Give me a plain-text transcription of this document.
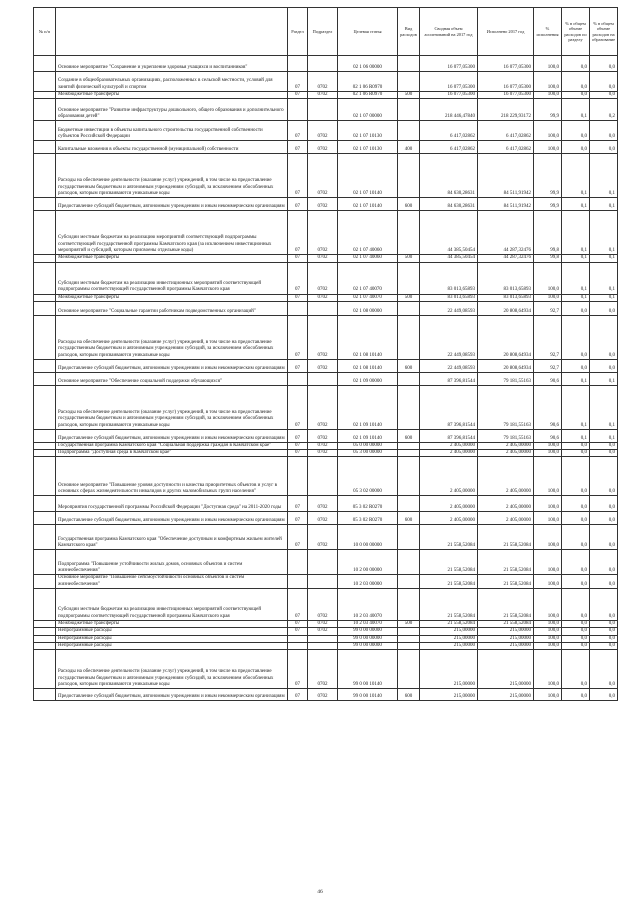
№ п/п		Раздел	Подраздел	Целевая статья	Вид расходов	Сводная объем ассигнований на 2017 год	Исполнено 2017 год	% исполнения	% в общем объеме расходов по разделу	% в общем объеме расходов на образование
	Основное мероприятие "Сохранение и укрепление здоровья учащихся и воспитанников"			02 1 06 00000		16 077,05300	16 077,05300	100,0	0,0	0,0
	Создание в общеобразовательных организациях, расположенных в сельской местности, условий для занятий физической культурой и спортом	07	0702	02 1 06 R0970		16 077,05300	16 077,05300	100,0	0,0	0,0
	Межбюджетные трансферты	07	0702	02 1 06 R0970	500	16 077,05300	16 077,05300	100,0	0,0	0,0
	Основное мероприятие "Развитие инфраструктуры дошкольного, общего образования и дополнительного образования детей"			02 1 07 00000		218 446,47840	218 229,93172	99,9	0,1	0,2
	Бюджетные инвестиции в объекты капитального строительства государственной собственности субъектов Российской Федерации	07	0702	02 1 07 10130		6 417,02862	6 417,02862	100,0	0,0	0,0
	Капитальные вложения в объекты государственной (муниципальной) собственности	07	0702	02 1 07 10130	400	6 417,02862	6 417,02862	100,0	0,0	0,0
	Расходы на обеспечение деятельности (оказание услуг) учреждений, в том числе на предоставление государственным бюджетным и автономным учреждениям субсидий, за исключением обособленных расходов, которым присваиваются уникальные коды	07	0702	02 1 07 10140		84 630,28631	84 511,91942	99,9	0,1	0,1
	Предоставление субсидий бюджетным, автономным учреждениям и иным некоммерческим организациям	07	0702	02 1 07 10140	600	84 630,28631	84 511,91942	99,9	0,1	0,1
	Субсидии местным бюджетам на реализацию мероприятий соответствующей подпрограммы соответствующей государственной программы Камчатского края (за исключением инвестиционных мероприятий и субсидий, которым присвоены отдельные коды)	07	0702	02 1 07 40060		44 385,50454	44 287,32476	99,8	0,1	0,1
	Межбюджетные трансферты	07	0702	02 1 07 40060	500	44 385,50454	44 287,32476	99,8	0,1	0,1
	Субсидии местным бюджетам на реализацию инвестиционных мероприятий соответствующей подпрограммы соответствующей государственной программы Камчатского края	07	0702	02 1 07 40070		83 013,65893	83 013,65893	100,0	0,1	0,1
	Межбюджетные трансферты	07	0702	02 1 07 40070	500	83 013,65893	83 013,65893	100,0	0,1	0,1
	Основное мероприятие "Социальные гарантии работникам подведомственных организаций"			02 1 08 00000		22 449,08593	20 808,64934	92,7	0,0	0,0
	Расходы на обеспечение деятельности (оказание услуг) учреждений, в том числе на предоставление государственным бюджетным и автономным учреждениям субсидий, за исключением обособленных расходов, которым присваиваются уникальные коды	07	0702	02 1 08 10140		22 449,08593	20 808,64934	92,7	0,0	0,0
	Предоставление субсидий бюджетным, автономным учреждениям и иным некоммерческим организациям	07	0702	02 1 08 10140	600	22 449,08593	20 808,64934	92,7	0,0	0,0
	Основное мероприятие "Обеспечение социальной поддержки обучающихся"			02 1 09 00000		87 396,81544	79 181,55163	90,6	0,1	0,1
	Расходы на обеспечение деятельности (оказание услуг) учреждений, в том числе на предоставление государственным бюджетным и автономным учреждениям субсидий, за исключением обособленных расходов, которым присваиваются уникальные коды	07	0702	02 1 09 10140		87 396,81544	79 181,55163	90,6	0,1	0,1
	Предоставление субсидий бюджетным, автономным учреждениям и иным некоммерческим организациям	07	0702	02 1 09 10140	600	87 396,81544	79 181,55163	90,6	0,1	0,1
	Государственная программа Камчатского края "Социальная поддержка граждан в Камчатском крае"	07	0702	05 0 00 00000		2 405,00000	2 405,00000	100,0	0,0	0,0
	Подпрограмма "Доступная среда в Камчатском крае"	07	0702	05 3 00 00000		2 405,00000	2 405,00000	100,0	0,0	0,0
	Основное мероприятие "Повышение уровня доступности и качества приоритетных объектов и услуг в основных сферах жизнедеятельности инвалидов и других маломобильных групп населения"			05 3 02 00000		2 405,00000	2 405,00000	100,0	0,0	0,0
	Мероприятия государственной программы Российской Федерации "Доступная среда" на 2011-2020 годы	07	0702	05 3 02 R0270		2 405,00000	2 405,00000	100,0	0,0	0,0
	Предоставление субсидий бюджетным, автономным учреждениям и иным некоммерческим организациям	07	0702	05 3 02 R0270	600	2 405,00000	2 405,00000	100,0	0,0	0,0
	Государственная программа Камчатского края "Обеспечение доступным и комфортным жильем жителей Камчатского края"	07	0702	10 0 00 00000		21 558,52084	21 558,52084	100,0	0,0	0,0
	Подпрограмма "Повышение устойчивости жилых домов, основных объектов и систем жизнеобеспечения"			10 2 00 00000		21 558,52084	21 558,52084	100,0	0,0	0,0
	Основное мероприятие "Повышение сейсмоустойчивости основных объектов и систем жизнеобеспечения"			10 2 03 00000		21 558,52084	21 558,52084	100,0	0,0	0,0
	Субсидии местным бюджетам на реализацию инвестиционных мероприятий соответствующей подпрограммы соответствующей государственной программы Камчатского края	07	0702	10 2 03 40070		21 558,52084	21 558,52084	100,0	0,0	0,0
	Межбюджетные трансферты	07	0702	10 2 03 40070	500	21 558,52084	21 558,52084	100,0	0,0	0,0
	Непрограммные расходы	07	0702	99 0 00 00000		215,00000	215,00000	100,0	0,0	0,0
	Непрограммные расходы			99 0 00 00000		215,00000	215,00000	100,0	0,0	0,0
	Непрограммные расходы			99 0 00 00000		215,00000	215,00000	100,0	0,0	0,0
	Расходы на обеспечение деятельности (оказание услуг) учреждений, в том числе на предоставление государственным бюджетным и автономным учреждениям субсидий, за исключением обособленных расходов, которым присваиваются уникальные коды	07	0702	99 0 00 10140		215,00000	215,00000	100,0	0,0	0,0
	Предоставление субсидий бюджетным, автономным учреждениям и иным некоммерческим организациям	07	0702	99 0 00 10140	600	215,00000	215,00000	100,0	0,0	0,0
46
